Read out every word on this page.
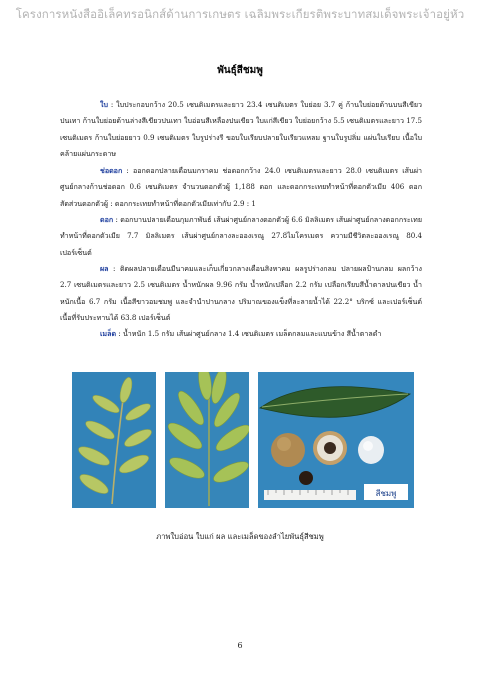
โครงการหนังสืออิเล็คทรอนิกส์ด้านการเกษตร เฉลิมพระเกียรติพระบาทสมเด็จพระเจ้าอยู่หัว
พันธุ์สีชมพู
ใบ : ใบประกอบกว้าง 20.5 เซนติเมตรและยาว 23.4 เซนติเมตร ใบย่อย 3.7 คู่ ก้านใบย่อยด้านบนสีเขียวปนเทา ก้านใบย่อยด้านล่างสีเขียวปนเทา ใบอ่อนสีเหลืองปนเขียว ใบแก่สีเขียว ใบย่อยกว้าง 5.5 เซนติเมตรและยาว 17.5 เซนติเมตร ก้านใบย่อยยาว 0.9 เซนติเมตร ใบรูปร่างรี ขอบใบเรียบปลายใบเรียวแหลม ฐานใบรูปลิ่ม แผ่นใบเรียบ เนื้อใบคล้ายแผ่นกระดาษ
ช่อดอก : ออกดอกปลายเดือนมกราคม ช่อดอกกว้าง 24.0 เซนติเมตรและยาว 28.0 เซนติเมตร เส้นผ่าศูนย์กลางก้านช่อดอก 0.6 เซนติเมตร จำนวนดอกตัวผู้ 1,188 ดอก และดอกกระเทยทำหน้าที่ดอกตัวเมีย 406 ดอก สัดส่วนดอกตัวผู้ : ดอกกระเทยทำหน้าที่ดอกตัวเมียเท่ากับ 2.9 : 1
ดอก : ดอกบานปลายเดือนกุมภาพันธ์ เส้นผ่าศูนย์กลางดอกตัวผู้ 6.6 มิลลิเมตร เส้นผ่าศูนย์กลางดอกกระเทยทำหน้าที่ดอกตัวเมีย 7.7 มิลลิเมตร เส้นผ่าศูนย์กลางละอองเรณู 27.8ไมโครเมตร ความมีชีวิตละอองเรณู 80.4 เปอร์เซ็นต์
ผล : ติดผลปลายเดือนมีนาคมและเก็บเกี่ยวกลางเดือนสิงหาคม ผลรูปร่างกลม ปลายผลป้านกลม ผลกว้าง 2.7 เซนติเมตรและยาว 2.5 เซนติเมตร น้ำหนักผล 9.96 กรัม น้ำหนักเปลือก 2.2 กรัม เปลือกเรียบสีน้ำตาลปนเขียว น้ำหนักเนื้อ 6.7 กรัม เนื้อสีขาวอมชมพู และจำนำปานกลาง ปริมาณของแข็งที่ละลายน้ำได้ 22.2° บริกซ์ และเปอร์เซ็นต์เนื้อที่รับประทานได้ 63.8 เปอร์เซ็นต์
เมล็ด : น้ำหนัก 1.5 กรัม เส้นผ่าศูนย์กลาง 1.4 เซนติเมตร เมล็ดกลมและแบนข้าง สีน้ำตาลดำ
สีชมพู
ภาพใบอ่อน ใบแก่ ผล และเมล็ดของลำไยพันธุ์สีชมพู
6
